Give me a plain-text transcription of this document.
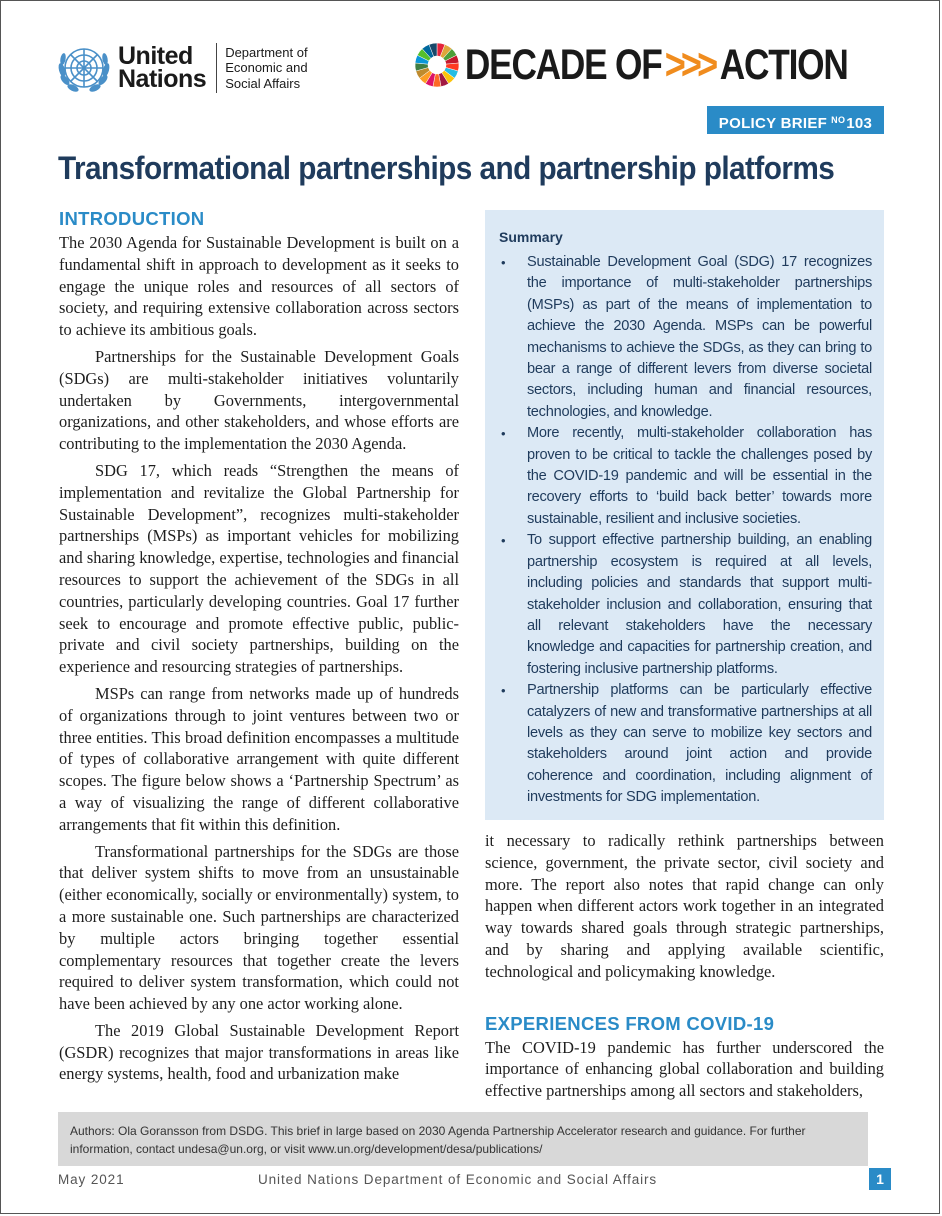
United
Nations
Department of
Economic and
Social Affairs	DECADE OF >>> ACTION
POLICY BRIEF $^{NO}$103
Transformational partnerships and partnership platforms
INTRODUCTION

The 2030 Agenda for Sustainable Development is built on a fundamental shift in approach to development as it seeks to engage the unique roles and resources of all sectors of society, and requiring extensive collaboration across sectors to achieve its ambitious goals.

Partnerships for the Sustainable Development Goals (SDGs) are multi-stakeholder initiatives voluntarily undertaken by Governments, intergovernmental organizations, and other stakeholders, and whose efforts are contributing to the implementation the 2030 Agenda.

SDG 17, which reads “Strengthen the means of implementation and revitalize the Global Partnership for Sustainable Development”, recognizes multi-stakeholder partnerships (MSPs) as important vehicles for mobilizing and sharing knowledge, expertise, technologies and financial resources to support the achievement of the SDGs in all countries, particularly developing countries. Goal 17 further seek to encourage and promote effective public, public-private and civil society partnerships, building on the experience and resourcing strategies of partnerships.

MSPs can range from networks made up of hundreds of organizations through to joint ventures between two or three entities. This broad definition encompasses a multitude of types of collaborative arrangement with quite different scopes. The figure below shows a ‘Partnership Spectrum’ as a way of visualizing the range of different collaborative arrangements that fit within this definition.

Transformational partnerships for the SDGs are those that deliver system shifts to move from an unsustainable (either economically, socially or environmentally) system, to a more sustainable one. Such partnerships are characterized by multiple actors bringing together essential complementary resources that together create the levers required to deliver system transformation, which could not have been achieved by any one actor working alone.

The 2019 Global Sustainable Development Report (GSDR) recognizes that major transformations in areas like energy systems, health, food and urbanization make

Summary
• Sustainable Development Goal (SDG) 17 recognizes the importance of multi-stakeholder partnerships (MSPs) as part of the means of implementation to achieve the 2030 Agenda. MSPs can be powerful mechanisms to achieve the SDGs, as they can bring to bear a range of different levers from diverse societal sectors, including human and financial resources, technologies, and knowledge.
• More recently, multi-stakeholder collaboration has proven to be critical to tackle the challenges posed by the COVID-19 pandemic and will be essential in the recovery efforts to ‘build back better’ towards more sustainable, resilient and inclusive societies.
• To support effective partnership building, an enabling partnership ecosystem is required at all levels, including policies and standards that support multi-stakeholder inclusion and collaboration, ensuring that all relevant stakeholders have the necessary knowledge and capacities for partnership creation, and fostering inclusive partnership platforms.
• Partnership platforms can be particularly effective catalyzers of new and transformative partnerships at all levels as they can serve to mobilize key sectors and stakeholders around joint action and provide coherence and coordination, including alignment of investments for SDG implementation.

it necessary to radically rethink partnerships between science, government, the private sector, civil society and more. The report also notes that rapid change can only happen when different actors work together in an integrated way towards shared goals through strategic partnerships, and by sharing and applying available scientific, technological and policymaking knowledge.

EXPERIENCES FROM COVID-19

The COVID-19 pandemic has further underscored the importance of enhancing global collaboration and building effective partnerships among all sectors and stakeholders,

Authors: Ola Goransson from DSDG. This brief in large based on 2030 Agenda Partnership Accelerator research and guidance. For further information, contact undesa@un.org, or visit www.un.org/development/desa/publications/
May 2021	United Nations Department of Economic and Social Affairs	1
